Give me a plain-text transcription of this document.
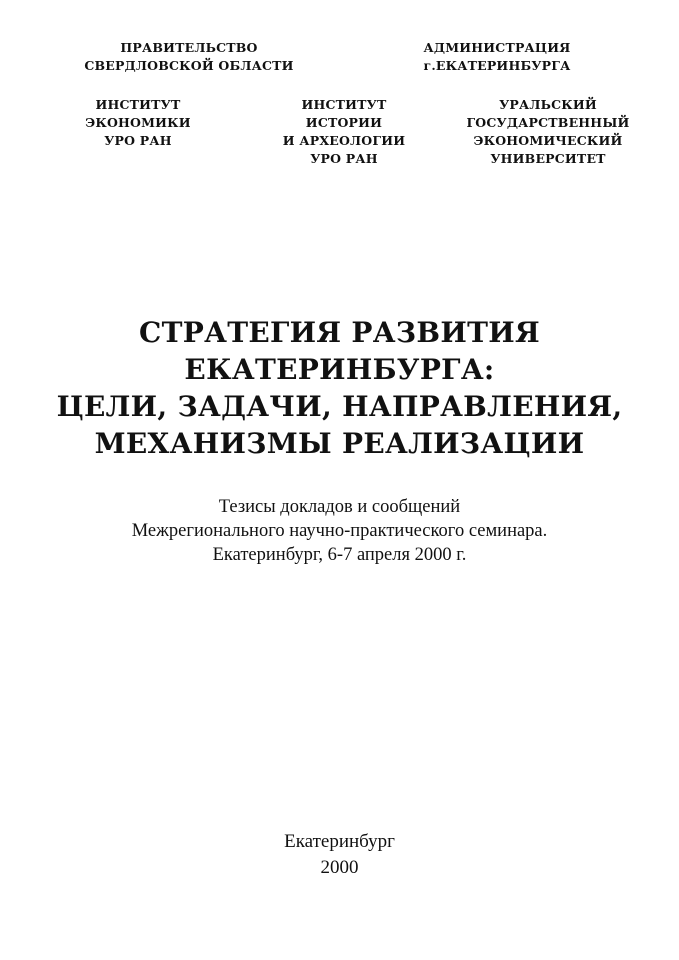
ПРАВИТЕЛЬСТВО
СВЕРДЛОВСКОЙ ОБЛАСТИ
АДМИНИСТРАЦИЯ
г.ЕКАТЕРИНБУРГА
ИНСТИТУТ
ЭКОНОМИКИ
УРО РАН
ИНСТИТУТ
ИСТОРИИ
И АРХЕОЛОГИИ
УРО РАН
УРАЛЬСКИЙ
ГОСУДАРСТВЕННЫЙ
ЭКОНОМИЧЕСКИЙ
УНИВЕРСИТЕТ
СТРАТЕГИЯ РАЗВИТИЯ
ЕКАТЕРИНБУРГА:
ЦЕЛИ, ЗАДАЧИ, НАПРАВЛЕНИЯ,
МЕХАНИЗМЫ РЕАЛИЗАЦИИ
Тезисы докладов и сообщений
Межрегионального научно-практического семинара.
Екатеринбург, 6-7 апреля 2000 г.
Екатеринбург
2000
